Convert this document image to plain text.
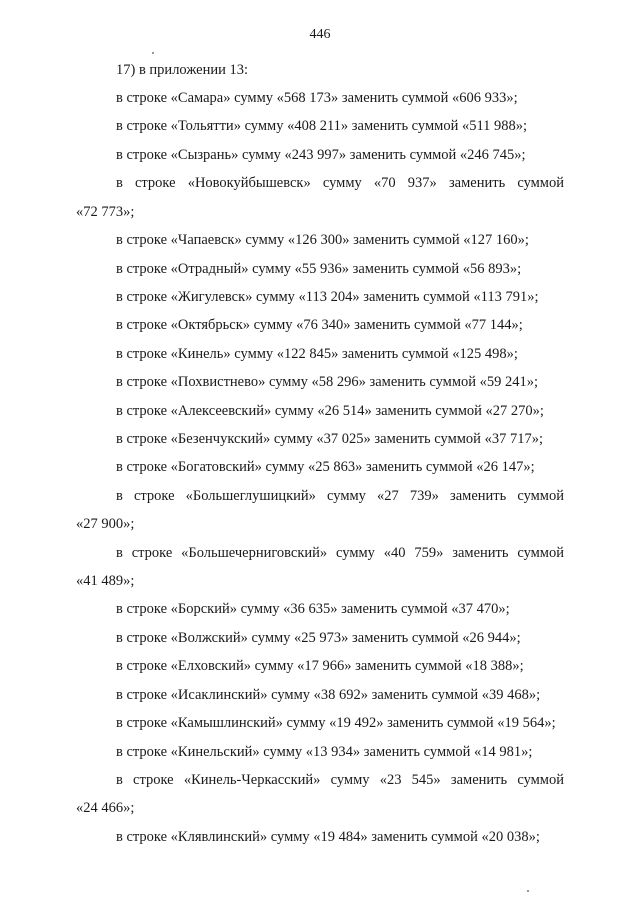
446
17) в приложении 13:
в строке «Самара» сумму «568 173» заменить суммой «606 933»;
в строке «Тольятти» сумму «408 211» заменить суммой «511 988»;
в строке «Сызрань» сумму «243 997» заменить суммой «246 745»;
в строке «Новокуйбышевск» сумму «70 937» заменить суммой
«72 773»;
в строке «Чапаевск» сумму «126 300» заменить суммой «127 160»;
в строке «Отрадный» сумму «55 936» заменить суммой «56 893»;
в строке «Жигулевск» сумму «113 204» заменить суммой «113 791»;
в строке «Октябрьск» сумму «76 340» заменить суммой «77 144»;
в строке «Кинель» сумму «122 845» заменить суммой «125 498»;
в строке «Похвистнево» сумму «58 296» заменить суммой «59 241»;
в строке «Алексеевский» сумму «26 514» заменить суммой «27 270»;
в строке «Безенчукский» сумму «37 025» заменить суммой «37 717»;
в строке «Богатовский» сумму «25 863» заменить суммой «26 147»;
в строке «Большеглушицкий» сумму «27 739» заменить суммой
«27 900»;
в строке «Большечерниговский» сумму «40 759» заменить суммой
«41 489»;
в строке «Борский» сумму «36 635» заменить суммой «37 470»;
в строке «Волжский» сумму «25 973» заменить суммой «26 944»;
в строке «Елховский» сумму «17 966» заменить суммой «18 388»;
в строке «Исаклинский» сумму «38 692» заменить суммой «39 468»;
в строке «Камышлинский» сумму «19 492» заменить суммой «19 564»;
в строке «Кинельский» сумму «13 934» заменить суммой «14 981»;
в строке «Кинель-Черкасский» сумму «23 545» заменить суммой
«24 466»;
в строке «Клявлинский» сумму «19 484» заменить суммой «20 038»;
